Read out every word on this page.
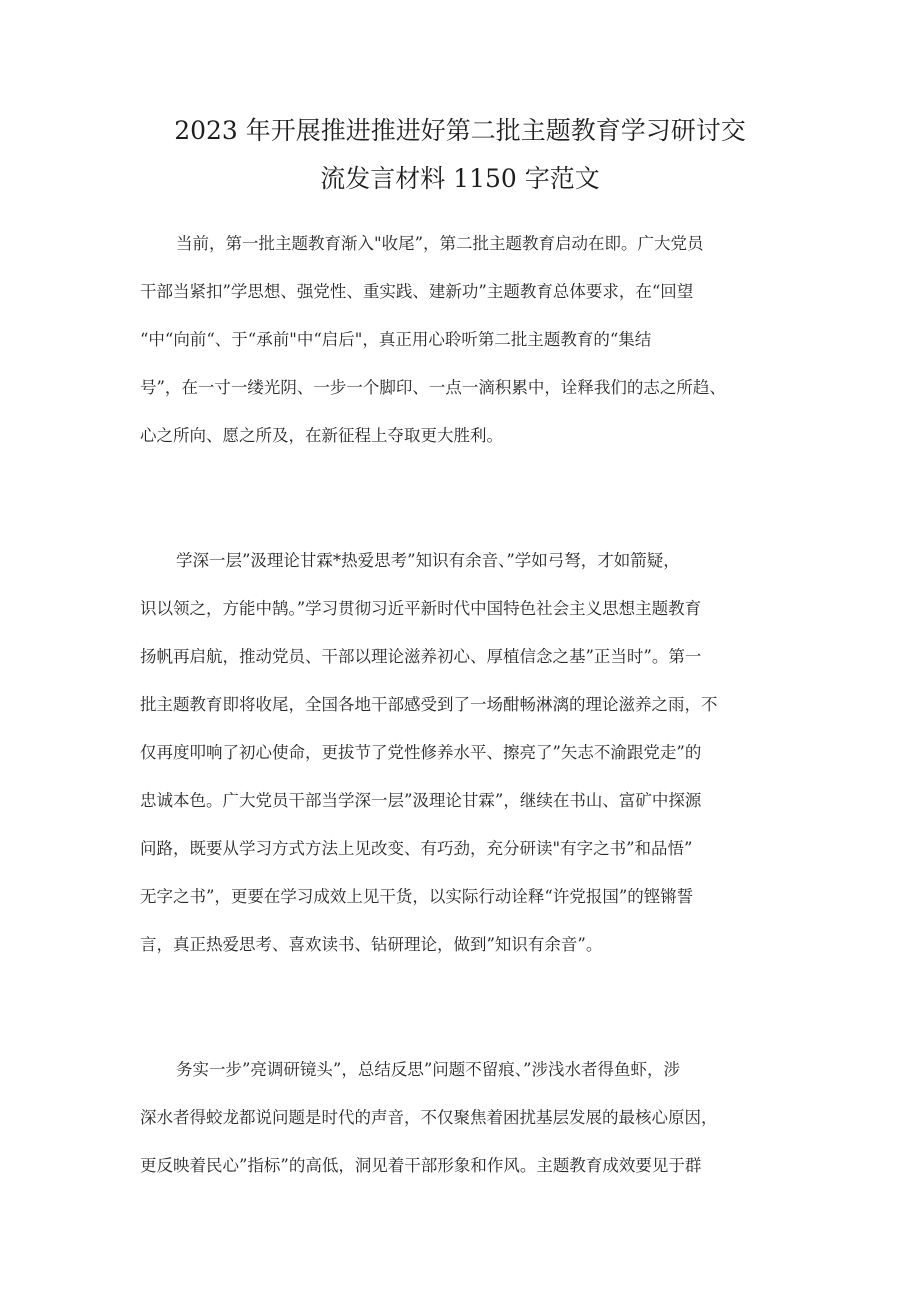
2023 年开展推进推进好第二批主题教育学习研讨交
流发言材料 1150 字范文
当前，第一批主题教育渐入"收尾”，第二批主题教育启动在即。广大党员
干部当紧扣”学思想、强党性、重实践、建新功”主题教育总体要求，在“回望
“中“向前“、于“承前"中“启后"，真正用心聆听第二批主题教育的“集结
号”，在一寸一缕光阴、一步一个脚印、一点一滴积累中，诠释我们的志之所趋、
心之所向、愿之所及，在新征程上夺取更大胜利。
学深一层”汲理论甘霖*热爱思考”知识有余音、”学如弓弩，才如箭疑，
识以领之，方能中鹄。”学习贯彻习近平新时代中国特色社会主义思想主题教育
扬帆再启航，推动党员、干部以理论滋养初心、厚植信念之基”正当时”。第一
批主题教育即将收尾，全国各地干部感受到了一场酣畅淋漓的理论滋养之雨，不
仅再度叩响了初心使命，更拔节了党性修养水平、擦亮了”矢志不渝跟党走”的
忠诚本色。广大党员干部当学深一层”汲理论甘霖”，继续在书山、富矿中探源
问路，既要从学习方式方法上见改变、有巧劲，充分研读"有字之书”和品悟”
无字之书”，更要在学习成效上见干货，以实际行动诠释“许党报国”的铿锵誓
言，真正热爱思考、喜欢读书、钻研理论，做到”知识有余音”。
务实一步”亮调研镜头”，总结反思”问题不留痕、”涉浅水者得鱼虾，涉
深水者得蛟龙都说问题是时代的声音，不仅聚焦着困扰基层发展的最核心原因，
更反映着民心”指标”的高低，洞见着干部形象和作风。主题教育成效要见于群
